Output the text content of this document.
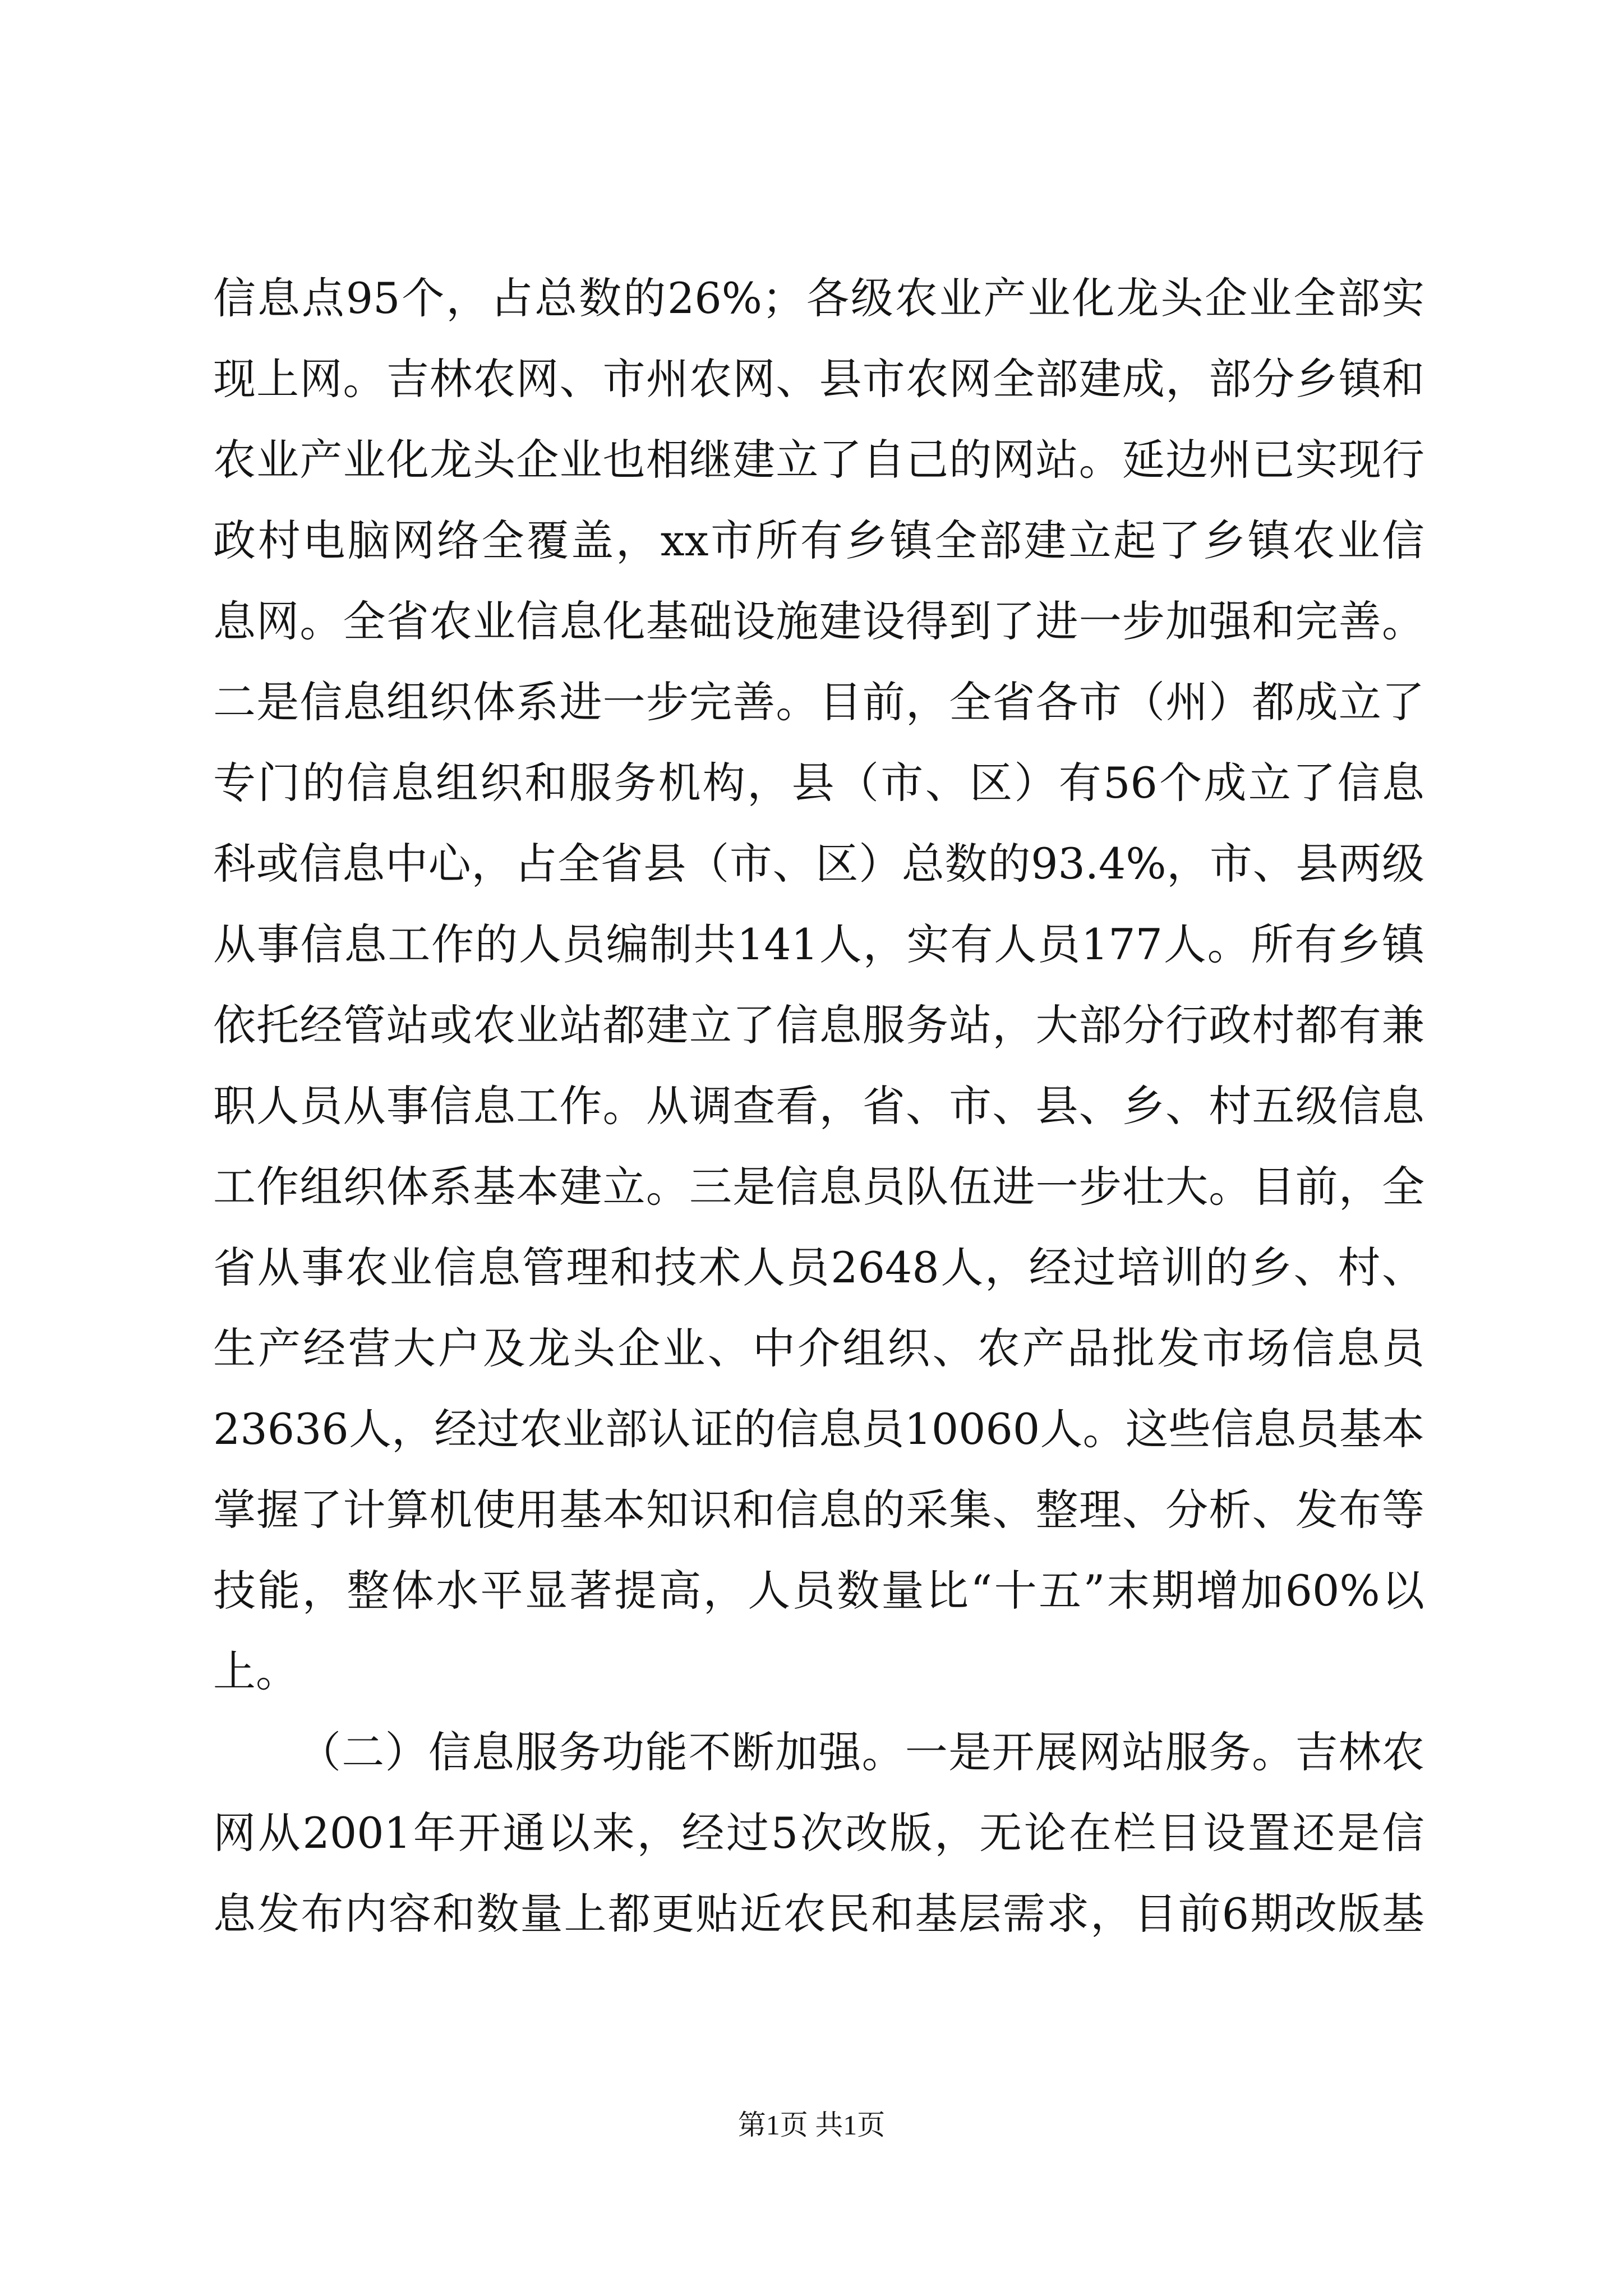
信息点95个，占总数的26%；各级农业产业化龙头企业全部实
现上网。吉林农网、市州农网、县市农网全部建成，部分乡镇和
农业产业化龙头企业也相继建立了自己的网站。延边州已实现行
政村电脑网络全覆盖，xx市所有乡镇全部建立起了乡镇农业信
息网。全省农业信息化基础设施建设得到了进一步加强和完善。
二是信息组织体系进一步完善。目前，全省各市（州）都成立了
专门的信息组织和服务机构，县（市、区）有56个成立了信息
科或信息中心，占全省县（市、区）总数的93.4%，市、县两级
从事信息工作的人员编制共141人，实有人员177人。所有乡镇
依托经管站或农业站都建立了信息服务站，大部分行政村都有兼
职人员从事信息工作。从调查看，省、市、县、乡、村五级信息
工作组织体系基本建立。三是信息员队伍进一步壮大。目前，全
省从事农业信息管理和技术人员2648人，经过培训的乡、村、
生产经营大户及龙头企业、中介组织、农产品批发市场信息员
23636人，经过农业部认证的信息员10060人。这些信息员基本
掌握了计算机使用基本知识和信息的采集、整理、分析、发布等
技能，整体水平显著提高，人员数量比“十五”末期增加60%以
上。
（二）信息服务功能不断加强。一是开展网站服务。吉林农
网从2001年开通以来，经过5次改版，无论在栏目设置还是信
息发布内容和数量上都更贴近农民和基层需求，目前6期改版基
第1页 共1页
